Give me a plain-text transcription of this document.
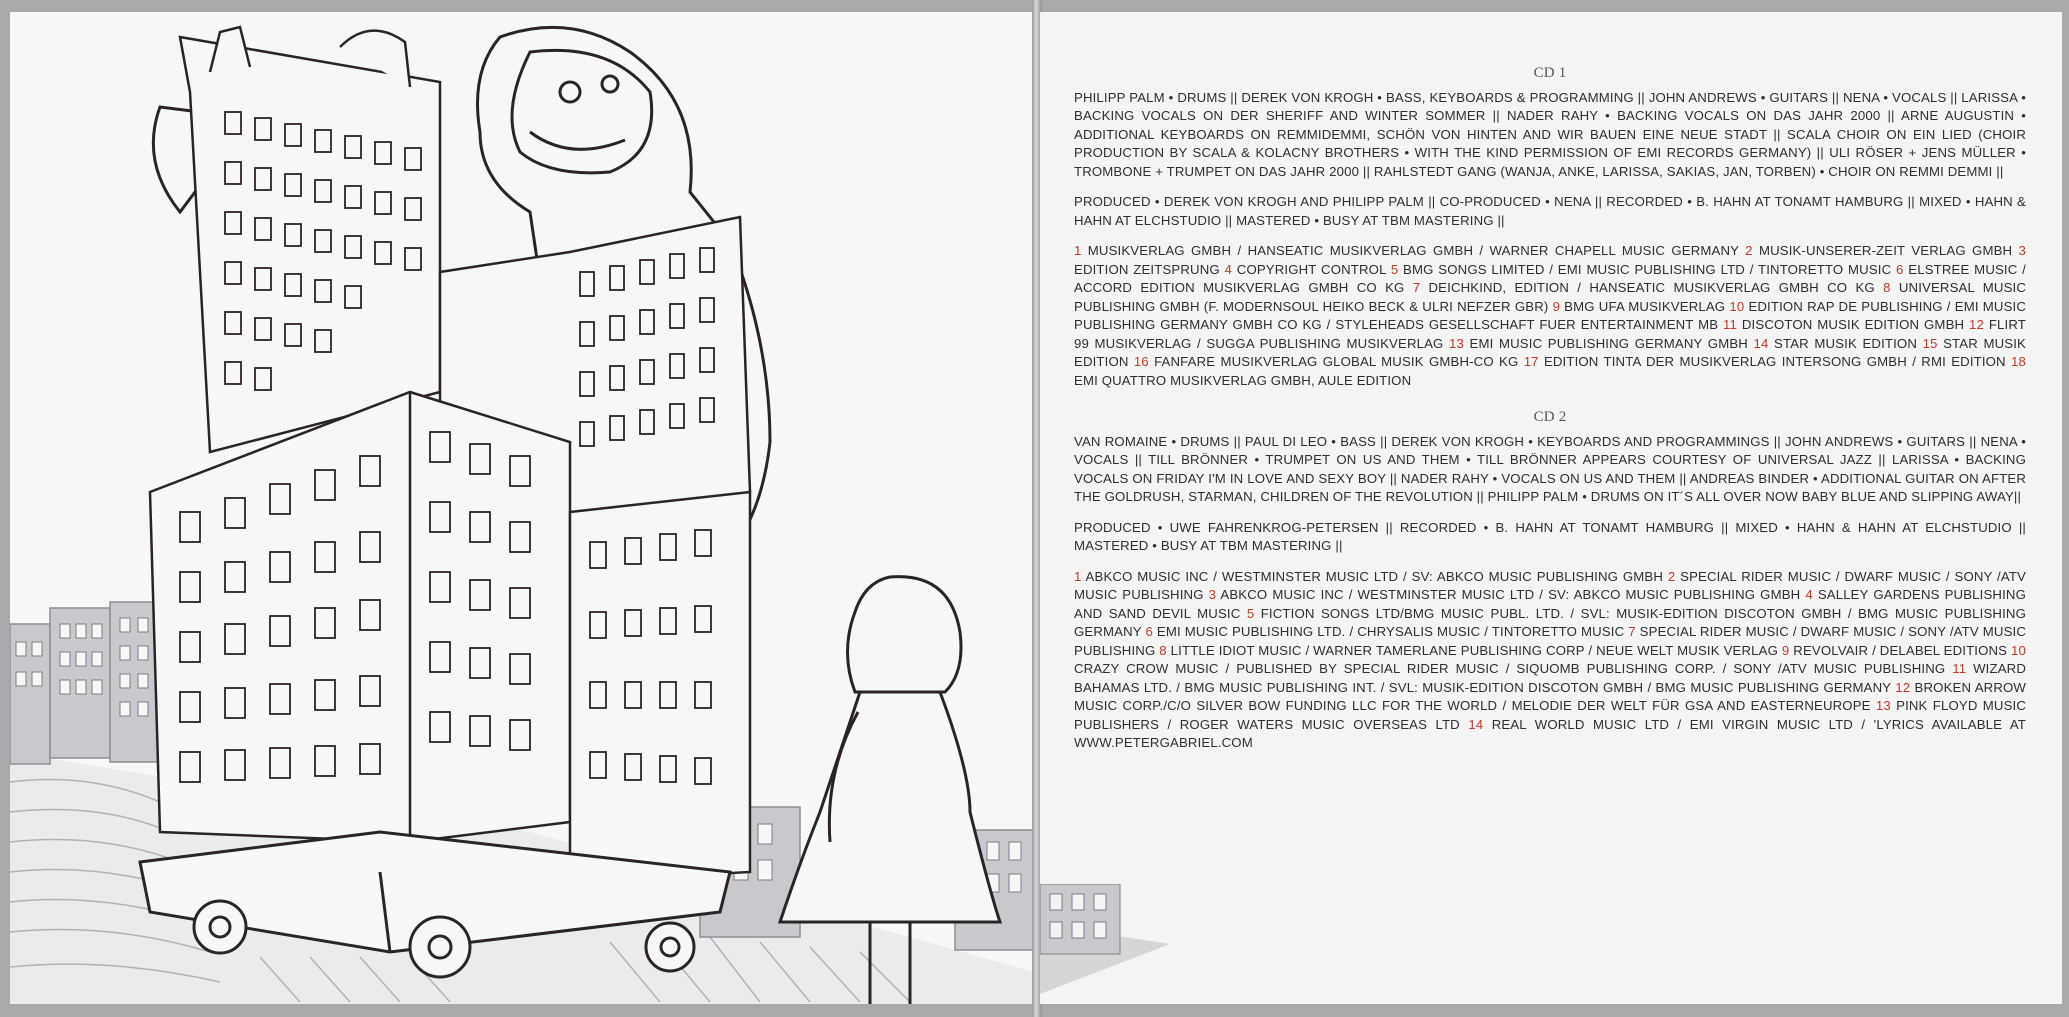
CD 1

PHILIPP PALM • DRUMS || DEREK VON KROGH • BASS, KEYBOARDS & PROGRAMMING || JOHN ANDREWS • GUITARS || NENA • VOCALS || LARISSA • BACKING VOCALS ON DER SHERIFF AND WINTER SOMMER || NADER RAHY • BACKING VOCALS ON DAS JAHR 2000 || ARNE AUGUSTIN • ADDITIONAL KEYBOARDS ON REMMIDEMMI, SCHÖN VON HINTEN AND WIR BAUEN EINE NEUE STADT || SCALA CHOIR ON EIN LIED (CHOIR PRODUCTION BY SCALA & KOLACNY BROTHERS • WITH THE KIND PERMISSION OF EMI RECORDS GERMANY) || ULI RÖSER + JENS MÜLLER • TROMBONE + TRUMPET ON DAS JAHR 2000 || RAHLSTEDT GANG (WANJA, ANKE, LARISSA, SAKIAS, JAN, TORBEN) • CHOIR ON REMMI DEMMI ||

PRODUCED • DEREK VON KROGH AND PHILIPP PALM || CO-PRODUCED • NENA || RECORDED • B. HAHN AT TONAMT HAMBURG || MIXED • HAHN & HAHN AT ELCHSTUDIO || MASTERED • BUSY AT TBM MASTERING ||

1 MUSIKVERLAG GMBH / HANSEATIC MUSIKVERLAG GMBH / WARNER CHAPELL MUSIC GERMANY 2 MUSIK-UNSERER-ZEIT VERLAG GMBH 3 EDITION ZEITSPRUNG 4 COPYRIGHT CONTROL 5 BMG SONGS LIMITED / EMI MUSIC PUBLISHING LTD / TINTORETTO MUSIC 6 ELSTREE MUSIC / ACCORD EDITION MUSIKVERLAG GMBH CO KG 7 DEICHKIND, EDITION / HANSEATIC MUSIKVERLAG GMBH CO KG 8 UNIVERSAL MUSIC PUBLISHING GMBH (F. MODERNSOUL HEIKO BECK & ULRI NEFZER GBR) 9 BMG UFA MUSIKVERLAG 10 EDITION RAP DE PUBLISHING / EMI MUSIC PUBLISHING GERMANY GMBH CO KG / STYLEHEADS GESELLSCHAFT FUER ENTERTAINMENT MB 11 DISCOTON MUSIK EDITION GMBH 12 FLIRT 99 MUSIKVERLAG / SUGGA PUBLISHING MUSIKVERLAG 13 EMI MUSIC PUBLISHING GERMANY GMBH 14 STAR MUSIK EDITION 15 STAR MUSIK EDITION 16 FANFARE MUSIKVERLAG GLOBAL MUSIK GMBH-CO KG 17 EDITION TINTA DER MUSIKVERLAG INTERSONG GMBH / RMI EDITION 18 EMI QUATTRO MUSIKVERLAG GMBH, AULE EDITION

CD 2

VAN ROMAINE • DRUMS || PAUL DI LEO • BASS || DEREK VON KROGH • KEYBOARDS AND PROGRAMMINGS || JOHN ANDREWS • GUITARS || NENA • VOCALS || TILL BRÖNNER • TRUMPET ON US AND THEM • TILL BRÖNNER APPEARS COURTESY OF UNIVERSAL JAZZ || LARISSA • BACKING VOCALS ON FRIDAY I'M IN LOVE AND SEXY BOY || NADER RAHY • VOCALS ON US AND THEM || ANDREAS BINDER • ADDITIONAL GUITAR ON AFTER THE GOLDRUSH, STARMAN, CHILDREN OF THE REVOLUTION || PHILIPP PALM • DRUMS ON IT´S ALL OVER NOW BABY BLUE AND SLIPPING AWAY||

PRODUCED • UWE FAHRENKROG-PETERSEN || RECORDED • B. HAHN AT TONAMT HAMBURG || MIXED • HAHN & HAHN AT ELCHSTUDIO || MASTERED • BUSY AT TBM MASTERING ||

1 ABKCO MUSIC INC / WESTMINSTER MUSIC LTD / SV: ABKCO MUSIC PUBLISHING GMBH 2 SPECIAL RIDER MUSIC / DWARF MUSIC / SONY /ATV MUSIC PUBLISHING 3 ABKCO MUSIC INC / WESTMINSTER MUSIC LTD / SV: ABKCO MUSIC PUBLISHING GMBH 4 SALLEY GARDENS PUBLISHING AND SAND DEVIL MUSIC 5 FICTION SONGS LTD/BMG MUSIC PUBL. LTD. / SVL: MUSIK-EDITION DISCOTON GMBH / BMG MUSIC PUBLISHING GERMANY 6 EMI MUSIC PUBLISHING LTD. / CHRYSALIS MUSIC / TINTORETTO MUSIC 7 SPECIAL RIDER MUSIC / DWARF MUSIC / SONY /ATV MUSIC PUBLISHING 8 LITTLE IDIOT MUSIC / WARNER TAMERLANE PUBLISHING CORP / NEUE WELT MUSIK VERLAG 9 REVOLVAIR / DELABEL EDITIONS 10 CRAZY CROW MUSIC / PUBLISHED BY SPECIAL RIDER MUSIC / SIQUOMB PUBLISHING CORP. / SONY /ATV MUSIC PUBLISHING 11 WIZARD BAHAMAS LTD. / BMG MUSIC PUBLISHING INT. / SVL: MUSIK-EDITION DISCOTON GMBH / BMG MUSIC PUBLISHING GERMANY 12 BROKEN ARROW MUSIC CORP./C/O SILVER BOW FUNDING LLC FOR THE WORLD / MELODIE DER WELT FÜR GSA AND EASTERNEUROPE 13 PINK FLOYD MUSIC PUBLISHERS / ROGER WATERS MUSIC OVERSEAS LTD 14 REAL WORLD MUSIC LTD / EMI VIRGIN MUSIC LTD / 'LYRICS AVAILABLE AT WWW.PETERGABRIEL.COM
